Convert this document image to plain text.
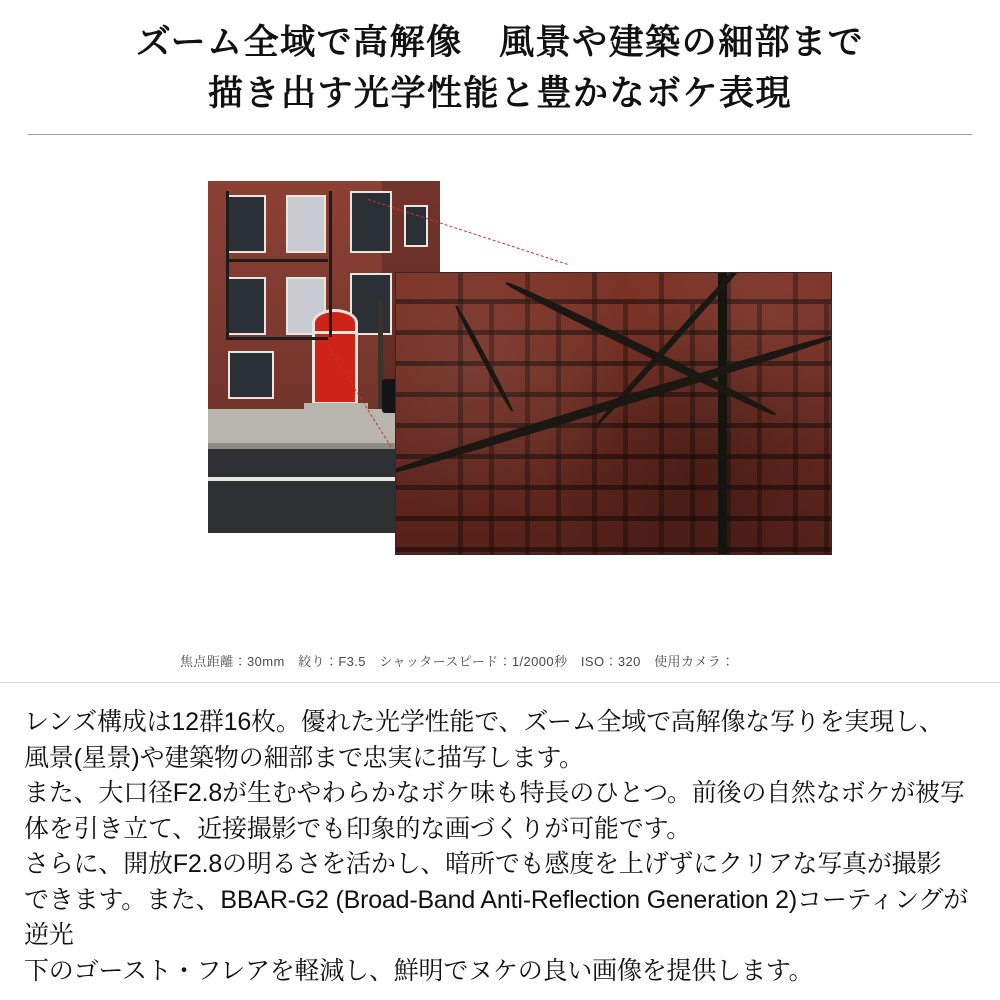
ズーム全域で高解像　風景や建築の細部まで
描き出す光学性能と豊かなボケ表現
焦点距離：30mm　絞り：F3.5　シャッタースピード：1/2000秒　ISO：320　使用カメラ：

レンズ構成は12群16枚。優れた光学性能で、ズーム全域で高解像な写りを実現し、

風景(星景)や建築物の細部まで忠実に描写します。

また、大口径F2.8が生むやわらかなボケ味も特長のひとつ。前後の自然なボケが被写

体を引き立て、近接撮影でも印象的な画づくりが可能です。

さらに、開放F2.8の明るさを活かし、暗所でも感度を上げずにクリアな写真が撮影

できます。また、BBAR-G2 (Broad-Band Anti-Reflection Generation 2)コーティングが逆光

下のゴースト・フレアを軽減し、鮮明でヌケの良い画像を提供します。
